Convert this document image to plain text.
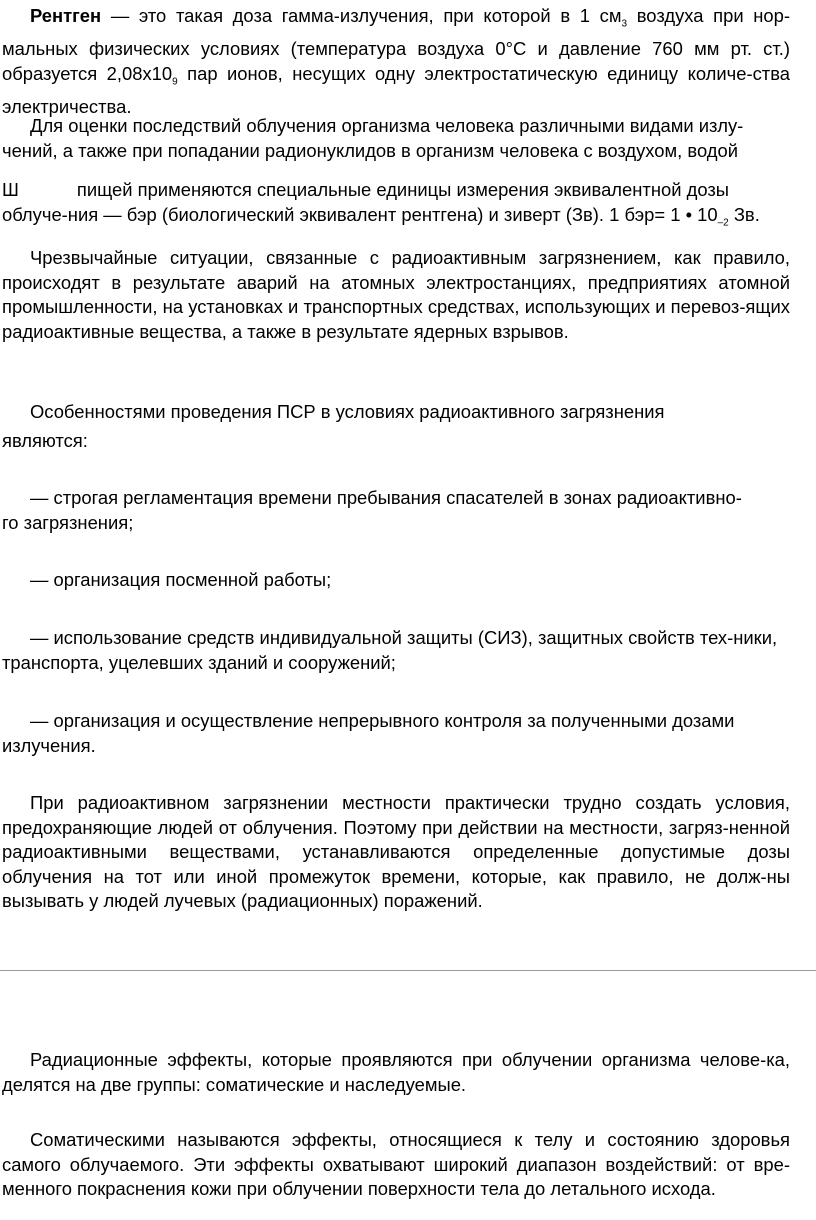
Рентген — это такая доза гамма-излучения, при которой в 1 $см_3$ воздуха при нор-мальных физических условиях (температура воздуха 0°С и давление 760 мм рт. ст.) образуется $2,08х10_9$ пар ионов, несущих одну электростатическую единицу количе-ства электричества.

Для оценки последствий облучения организма человека различными видами излу-чений, а также при попадании радионуклидов в организм человека с воздухом, водой

Ш	пищей применяются специальные единицы измерения эквивалентной дозы облуче-ния — бэр (биологический эквивалент рентгена) и зиверт (Зв). 1 бэр= 1 • $10_{-2}$ Зв.

Чрезвычайные ситуации, связанные с радиоактивным загрязнением, как правило, происходят в результате аварий на атомных электростанциях, предприятиях атомной промышленности, на установках и транспортных средствах, использующих и перевоз-ящих радиоактивные вещества, а также в результате ядерных взрывов.

Особенностями проведения ПСР в условиях радиоактивного загрязнения являются:

— строгая регламентация времени пребывания спасателей в зонах радиоактивно-го загрязнения;

— организация посменной работы;

— использование средств индивидуальной защиты (СИЗ), защитных свойств тех-ники, транспорта, уцелевших зданий и сооружений;

— организация и осуществление непрерывного контроля за полученными дозами излучения.

При радиоактивном загрязнении местности практически трудно создать условия, предохраняющие людей от облучения. Поэтому при действии на местности, загряз-ненной радиоактивными веществами, устанавливаются определенные допустимые дозы облучения на тот или иной промежуток времени, которые, как правило, не долж-ны вызывать у людей лучевых (радиационных) поражений.

Радиационные эффекты, которые проявляются при облучении организма челове-ка, делятся на две группы: соматические и наследуемые.

Соматическими называются эффекты, относящиеся к телу и состоянию здоровья самого облучаемого. Эти эффекты охватывают широкий диапазон воздействий: от вре-менного покраснения кожи при облучении поверхности тела до летального исхода.
